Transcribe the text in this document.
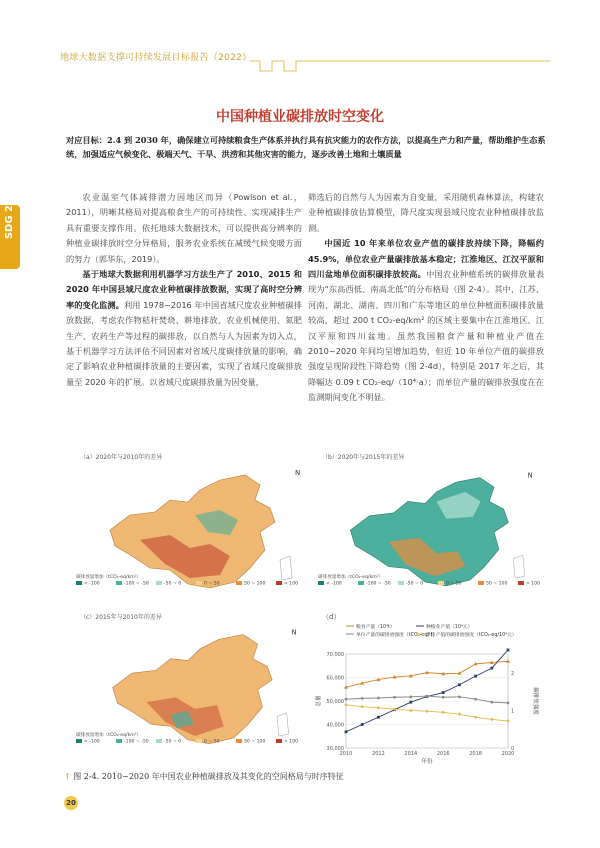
地球大数据支撑可持续发展目标报告（2022）
SDG 2
中国种植业碳排放时空变化
对应目标：2.4 到 2030 年，确保建立可持续粮食生产体系并执行具有抗灾能力的农作方法，以提高生产力和产量，帮助维护生态系统，加强适应气候变化、极端天气、干旱、洪涝和其他灾害的能力，逐步改善土地和土壤质量

农业温室气体减排潜力因地区而异（Powlson et al.，2011），明晰其格局对提高粮食生产的可持续性、实现减排生产具有重要支撑作用。依托地球大数据技术，可以提供高分辨率的种植业碳排放时空分异格局，服务农业系统在减缓气候变暖方面的努力（郭华东，2019）。

基于地球大数据利用机器学习方法生产了 2010、2015 和 2020 年中国县域尺度农业种植碳排放数据，实现了高时空分辨率的变化监测。利用 1978~2016 年中国省域尺度农业种植碳排放数据，考虑农作物秸秆焚烧、耕地排放、农业机械使用、氮肥生产、农药生产等过程的碳排放，以自然与人为因素为切入点，基于机器学习方法评估不同因素对省域尺度碳排放量的影响，确定了影响农业种植碳排放量的主要因素，实现了省域尺度碳排放量至 2020 年的扩展。以省域尺度碳排放量为因变量，

筛选后的自然与人为因素为自变量，采用随机森林算法，构建农业种植碳排放估算模型，降尺度实现县域尺度农业种植碳排放监测。

中国近 10 年来单位农业产值的碳排放持续下降，降幅约 45.9%，单位农业产量碳排放基本稳定；江淮地区、江汉平原和四川盆地单位面积碳排放较高。中国农业种植系统的碳排放量表现为“东高西低、南高北低”的分布格局（图 2-4）。其中，江苏、河南、湖北、湖南、四川和广东等地区的单位种植面积碳排放量较高，超过 200 t CO₂-eq/km² 的区域主要集中在江淮地区、江汉平原和四川盆地。虽然我国粮食产量和种植业产值在 2010~2020 年间均呈增加趋势，但近 10 年单位产值的碳排放强度呈现阶段性下降趋势（图 2-4d），特别是 2017 年之后，其降幅达 0.09 t CO₂-eq/（10⁴·a）；而单位产量的碳排放强度在在监测期间变化不明显。

（a）2020年与2010年的差异
N
碳排放量增加（tCO₂-eq/km²）
< -100	-100 ~ -50	-50 ~ 0	0 ~ 50	50 ~ 100	> 100
（b）2020年与2015年的差异
N
碳排放量增加（tCO₂-eq/km²）
< -100	-100 ~ -50	-50 ~ 0	0 ~ 50	50 ~ 100	> 100
（c）2015年与2010年的差异
N
碳排放量增加（tCO₂-eq/km²）
< -100	-100 ~ -50	-50 ~ 0	0 ~ 50	50 ~ 100	> 100
（d）
30,000
40,000
50,000
60,000
70,000
0
1
2
2010	2012	2014	2016	2018	2020
年份
总量	碳排放强度
粮食产量（10⁴t）	种植业产值（10⁴元）
单位产量的碳排放强度（tCO₂-eq/ t）
单位产值的碳排放强度（tCO₂-eq/10⁴元）
↑ 图 2-4. 2010~2020 年中国农业种植碳排放及其变化的空间格局与时序特征
20
